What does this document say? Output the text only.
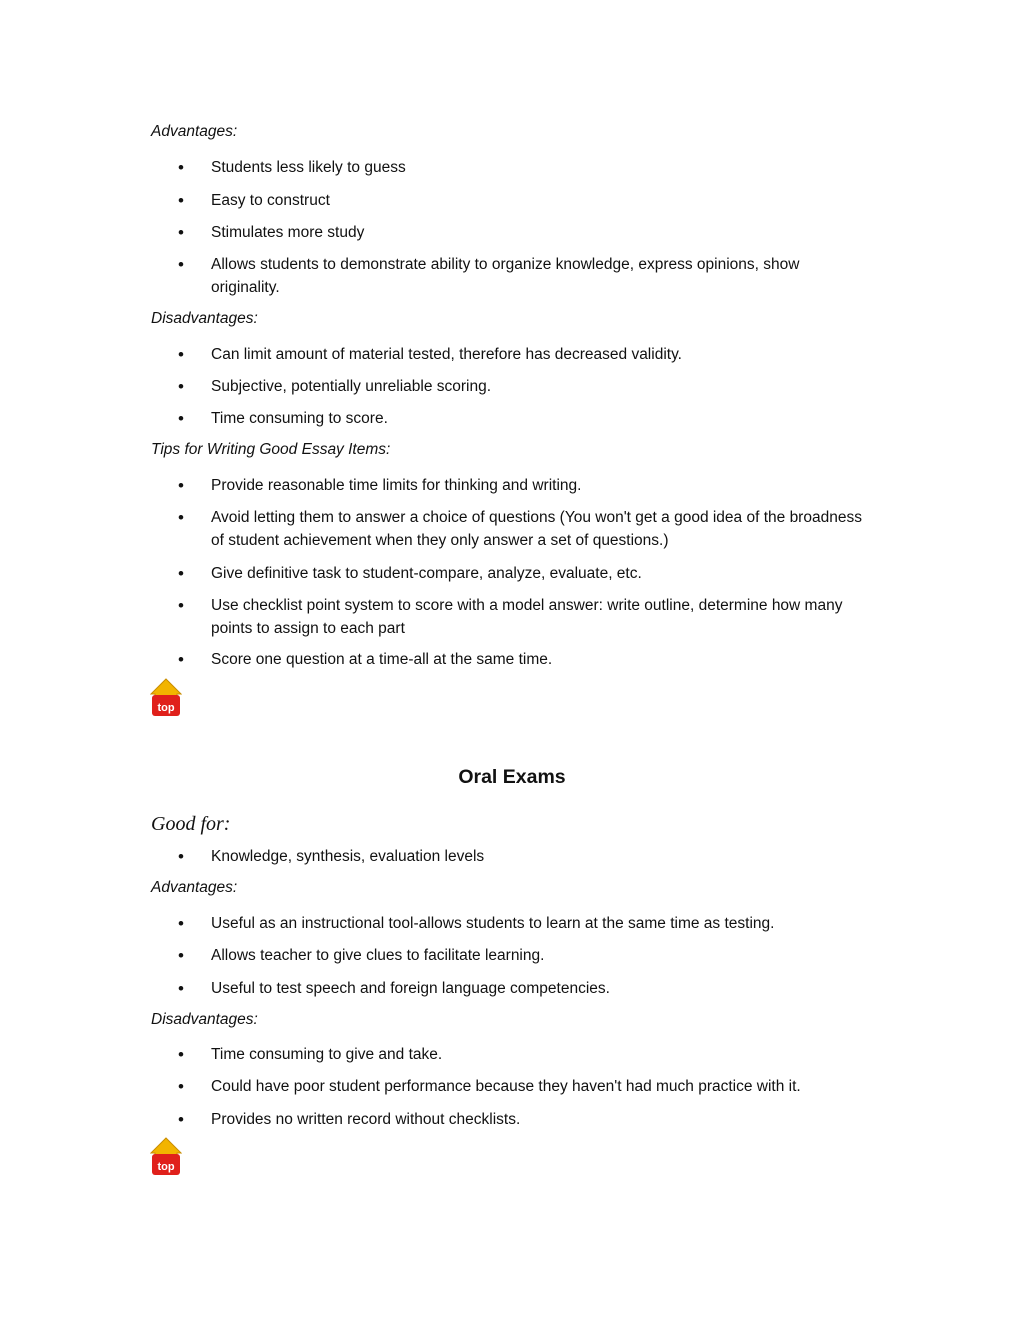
Advantages:

• Students less likely to guess
• Easy to construct
• Stimulates more study
• Allows students to demonstrate ability to organize knowledge, express opinions, show originality.

Disadvantages:

• Can limit amount of material tested, therefore has decreased validity.
• Subjective, potentially unreliable scoring.
• Time consuming to score.

Tips for Writing Good Essay Items:

• Provide reasonable time limits for thinking and writing.
• Avoid letting them to answer a choice of questions (You won't get a good idea of the broadness of student achievement when they only answer a set of questions.)
• Give definitive task to student-compare, analyze, evaluate, etc.
• Use checklist point system to score with a model answer: write outline, determine how many points to assign to each part
• Score one question at a time-all at the same time.
top
Oral Exams

Good for:

• Knowledge, synthesis, evaluation levels

Advantages:

• Useful as an instructional tool-allows students to learn at the same time as testing.
• Allows teacher to give clues to facilitate learning.
• Useful to test speech and foreign language competencies.

Disadvantages:

• Time consuming to give and take.
• Could have poor student performance because they haven't had much practice with it.
• Provides no written record without checklists.
top
